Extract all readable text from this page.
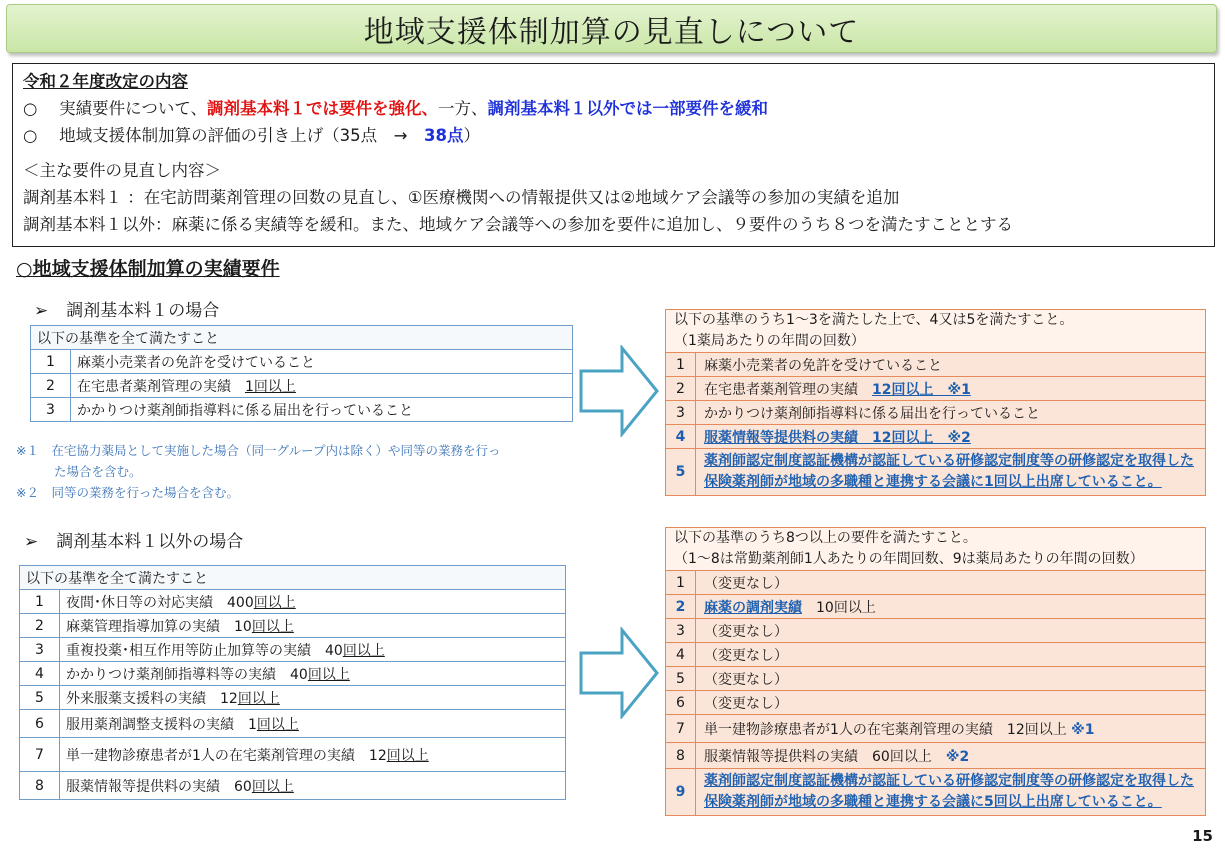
地域支援体制加算の見直しについて
令和２年度改定の内容
○　 実績要件について、調剤基本料１では要件を強化、一方、調剤基本料１以外では一部要件を緩和
○　 地域支援体制加算の評価の引き上げ（35点　→　38点）
＜主な要件の見直し内容＞
調剤基本料１ ：在宅訪問薬剤管理の回数の見直し、①医療機関への情報提供又は②地域ケア会議等の参加の実績を追加
調剤基本料１以外：麻薬に係る実績等を緩和。また、地域ケア会議等への参加を要件に追加し、９要件のうち８つを満たすこととする
○地域支援体制加算の実績要件
➢ 調剤基本料１の場合
以下の基準を全て満たすこと	
1	麻薬小売業者の免許を受けていること
2	在宅患者薬剤管理の実績　1回以上
3	かかりつけ薬剤師指導料に係る届出を行っていること
※１　在宅協力薬局として実施した場合（同一グループ内は除く）や同等の業務を行っ
た場合を含む。
※２　同等の業務を行った場合を含む。
以下の基準のうち1～3を満たした上で、4又は5を満たすこと。
（1薬局あたりの年間の回数）	

1	麻薬小売業者の免許を受けていること
2	在宅患者薬剤管理の実績　12回以上　※1
3	かかりつけ薬剤師指導料に係る届出を行っていること
4	服薬情報等提供料の実績　12回以上　※2
5	薬剤師認定制度認証機構が認証している研修認定制度等の研修認定を取得した保険薬剤師が地域の多職種と連携する会議に1回以上出席していること。
➢ 調剤基本料１以外の場合
以下の基準を全て満たすこと	
1	夜間･休日等の対応実績　400回以上
2	麻薬管理指導加算の実績　10回以上
3	重複投薬･相互作用等防止加算等の実績　40回以上
4	かかりつけ薬剤師指導料等の実績　40回以上
5	外来服薬支援料の実績　12回以上
6	服用薬剤調整支援料の実績　1回以上
7	単一建物診療患者が1人の在宅薬剤管理の実績　12回以上
8	服薬情報等提供料の実績　60回以上
以下の基準のうち8つ以上の要件を満たすこと。
（1～8は常勤薬剤師1人あたりの年間回数、9は薬局あたりの年間の回数）	

1	（変更なし）
2	麻薬の調剤実績　10回以上
3	（変更なし）
4	（変更なし）
5	（変更なし）
6	（変更なし）
7	単一建物診療患者が1人の在宅薬剤管理の実績　12回以上 ※1
8	服薬情報等提供料の実績　60回以上　※2
9	薬剤師認定制度認証機構が認証している研修認定制度等の研修認定を取得した保険薬剤師が地域の多職種と連携する会議に5回以上出席していること。
15
